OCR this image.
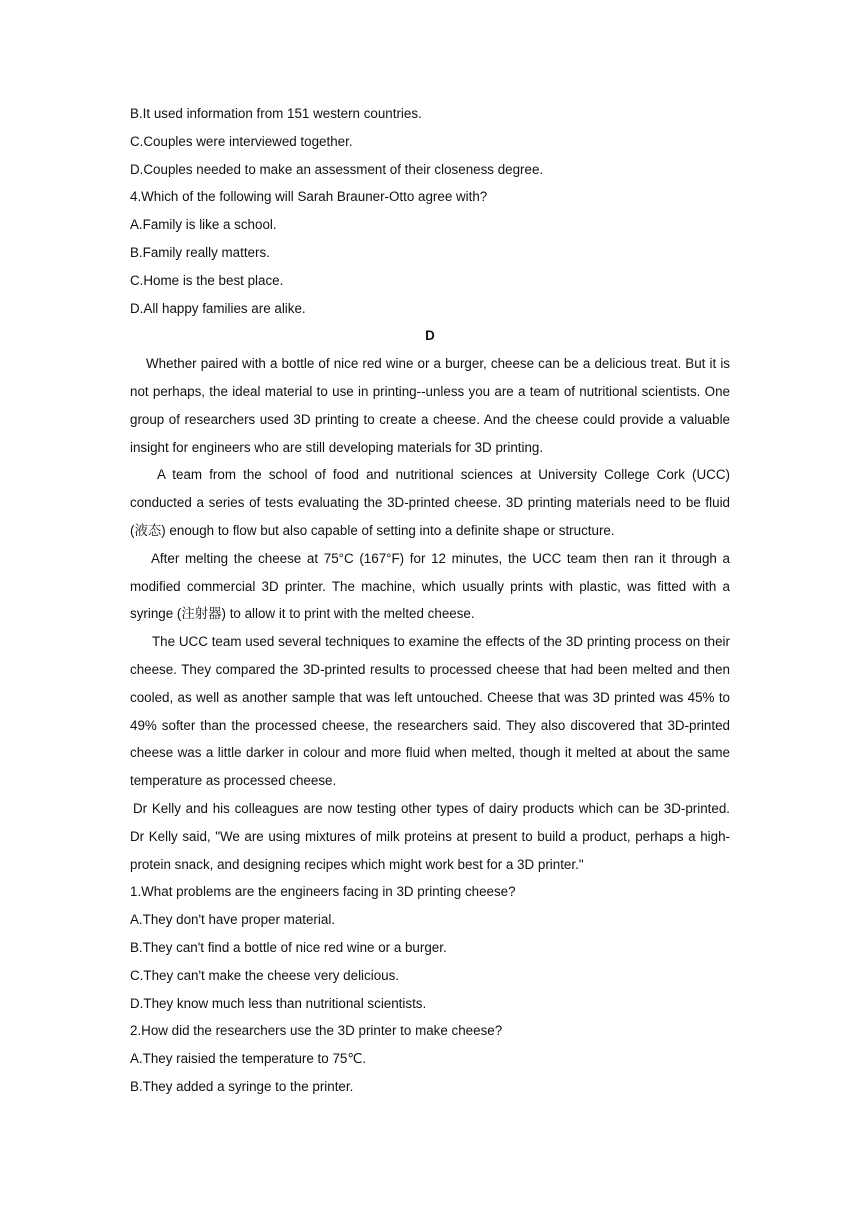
B.It used information from 151 western countries.
C.Couples were interviewed together.
D.Couples needed to make an assessment of their closeness degree.
4.Which of the following will Sarah Brauner-Otto agree with?
A.Family is like a school.
B.Family really matters.
C.Home is the best place.
D.All happy families are alike.
D

Whether paired with a bottle of nice red wine or a burger, cheese can be a delicious treat. But it is not perhaps, the ideal material to use in printing--unless you are a team of nutritional scientists. One group of researchers used 3D printing to create a cheese. And the cheese could provide a valuable insight for engineers who are still developing materials for 3D printing.

A team from the school of food and nutritional sciences at University College Cork (UCC) conducted a series of tests evaluating the 3D-printed cheese. 3D printing materials need to be fluid (液态) enough to flow but also capable of setting into a definite shape or structure.

After melting the cheese at 75°C (167°F) for 12 minutes, the UCC team then ran it through a modified commercial 3D printer. The machine, which usually prints with plastic, was fitted with a syringe (注射器) to allow it to print with the melted cheese.

The UCC team used several techniques to examine the effects of the 3D printing process on their cheese. They compared the 3D-printed results to processed cheese that had been melted and then cooled, as well as another sample that was left untouched. Cheese that was 3D printed was 45% to 49% softer than the processed cheese, the researchers said. They also discovered that 3D-printed cheese was a little darker in colour and more fluid when melted, though it melted at about the same temperature as processed cheese.

Dr Kelly and his colleagues are now testing other types of dairy products which can be 3D-printed. Dr Kelly said, "We are using mixtures of milk proteins at present to build a product, perhaps a high-protein snack, and designing recipes which might work best for a 3D printer."

1.What problems are the engineers facing in 3D printing cheese?
A.They don't have proper material.
B.They can't find a bottle of nice red wine or a burger.
C.They can't make the cheese very delicious.
D.They know much less than nutritional scientists.
2.How did the researchers use the 3D printer to make cheese?
A.They raisied the temperature to 75℃.
B.They added a syringe to the printer.
